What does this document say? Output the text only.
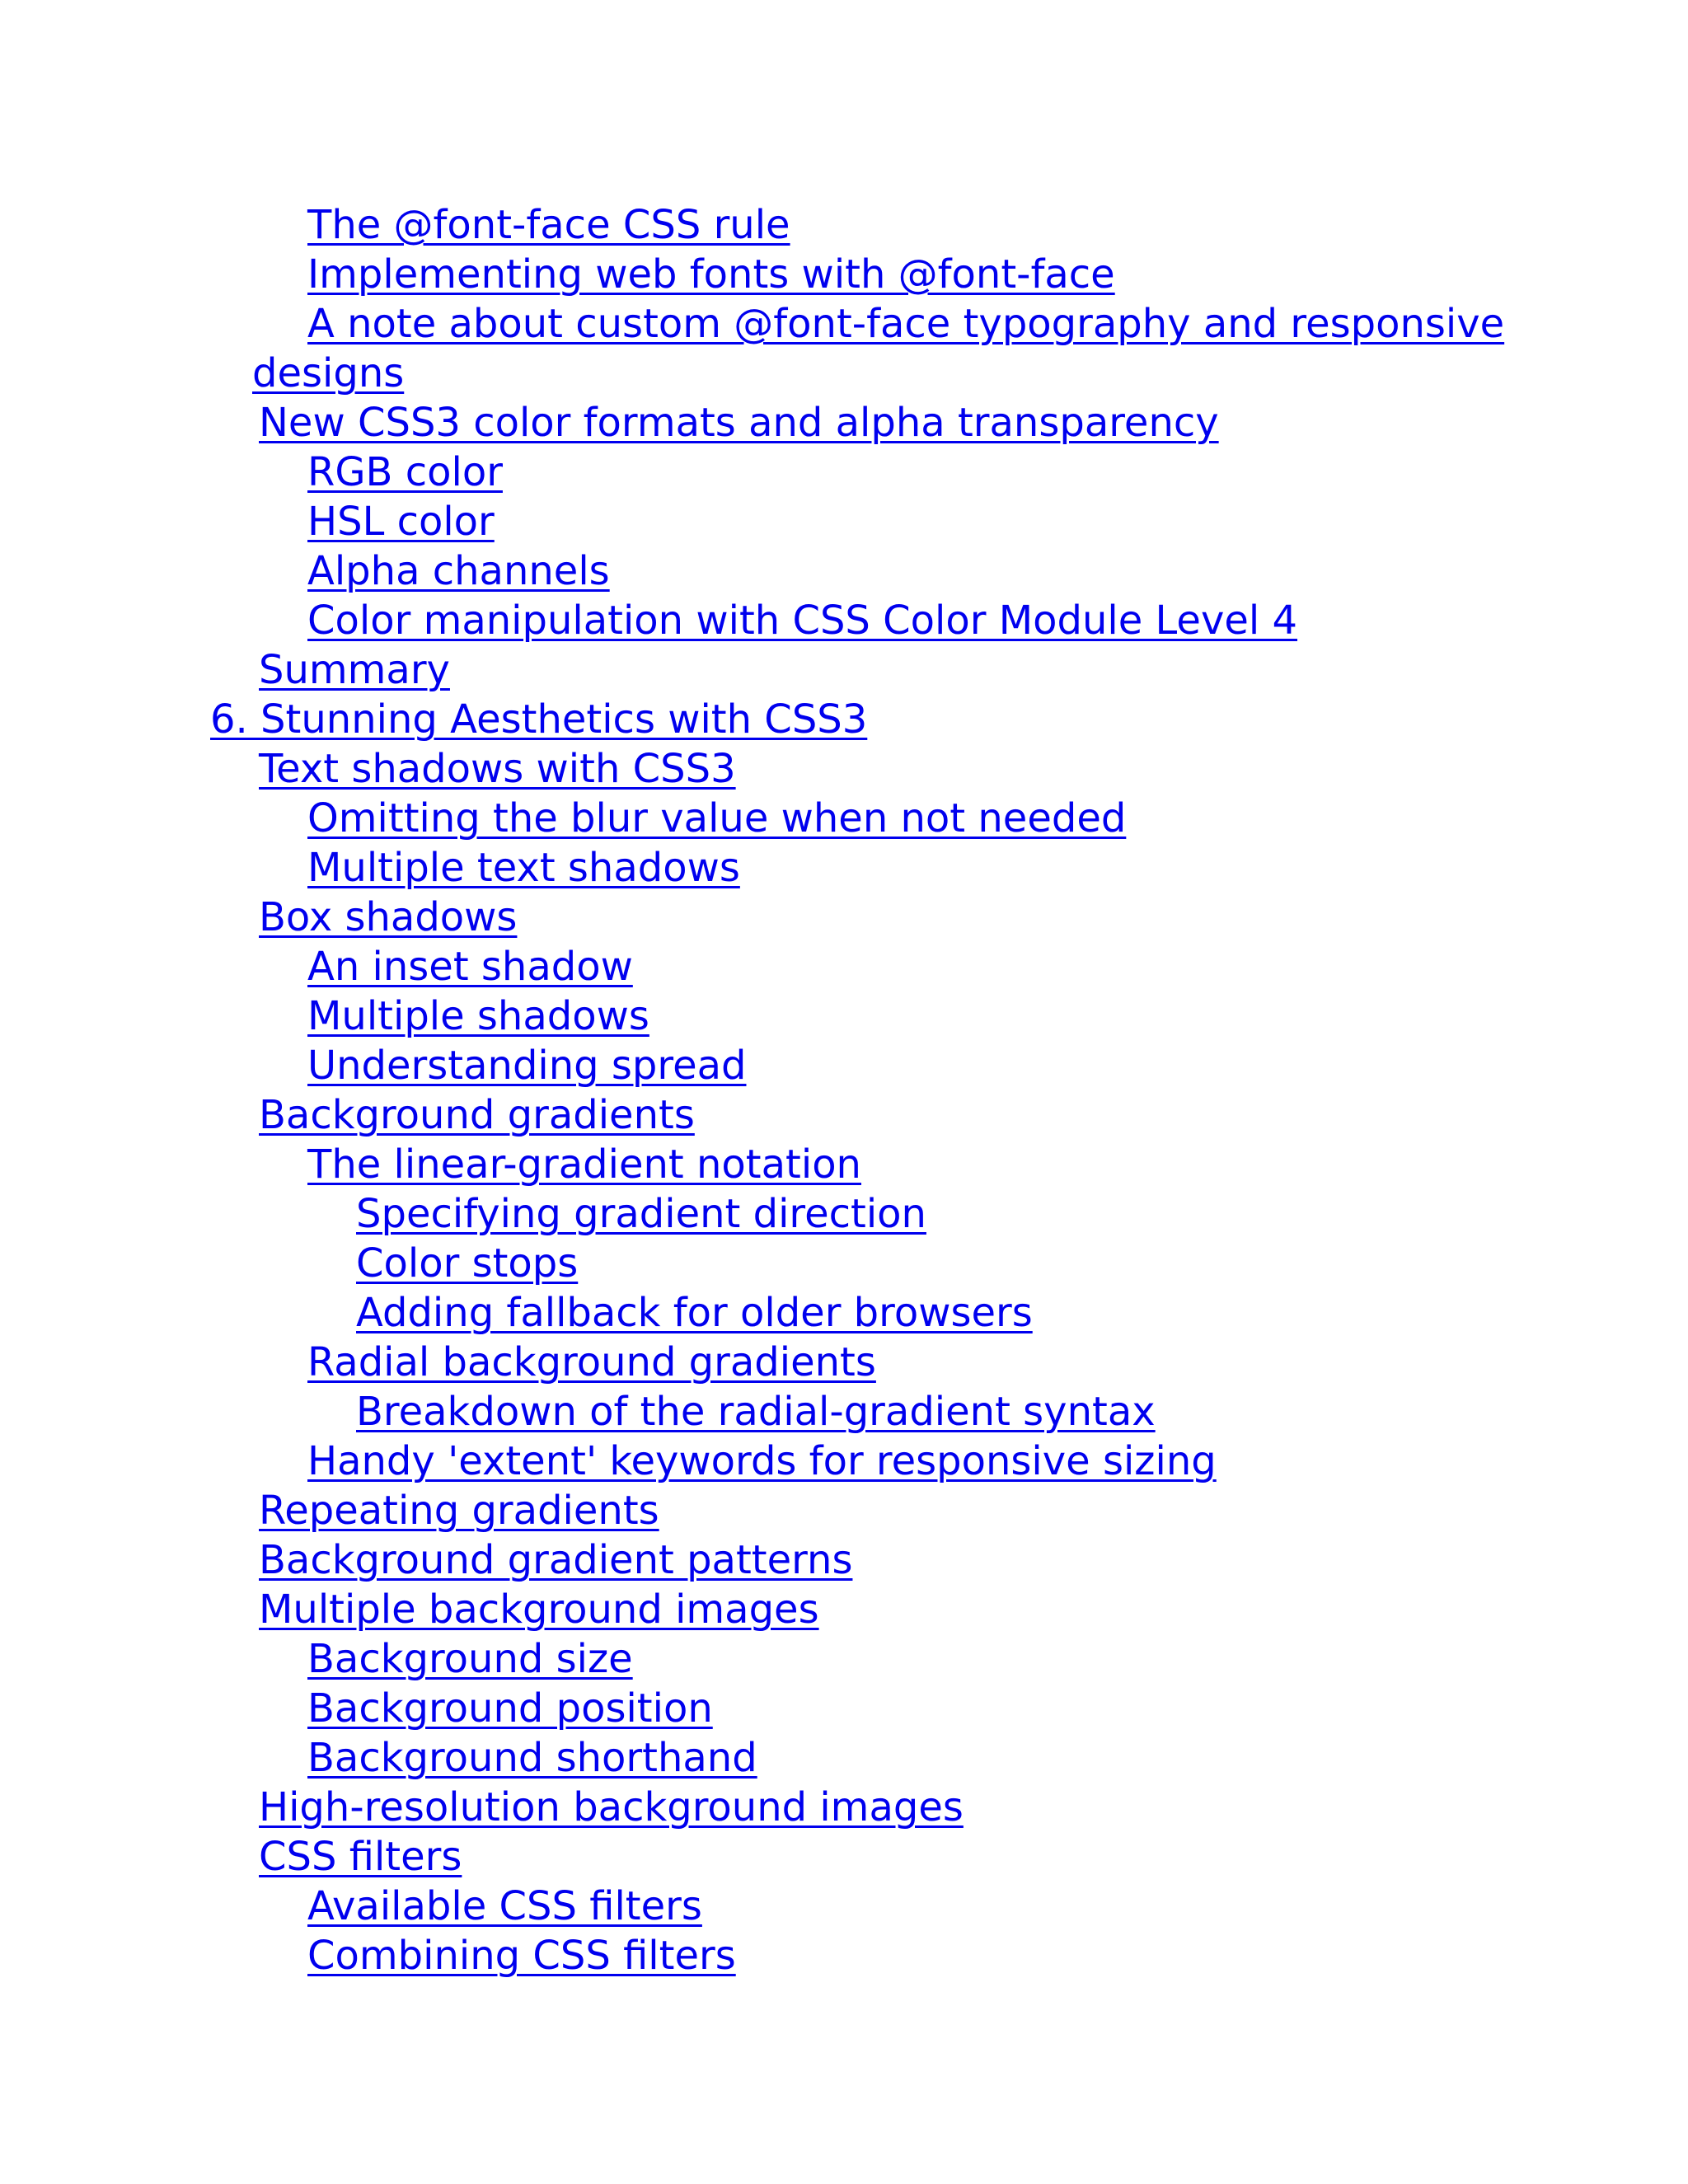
The @font-face CSS rule
Implementing web fonts with @font-face
A note about custom @font-face typography and responsive
designs
New CSS3 color formats and alpha transparency
RGB color
HSL color
Alpha channels
Color manipulation with CSS Color Module Level 4
Summary
6. Stunning Aesthetics with CSS3
Text shadows with CSS3
Omitting the blur value when not needed
Multiple text shadows
Box shadows
An inset shadow
Multiple shadows
Understanding spread
Background gradients
The linear-gradient notation
Specifying gradient direction
Color stops
Adding fallback for older browsers
Radial background gradients
Breakdown of the radial-gradient syntax
Handy 'extent' keywords for responsive sizing
Repeating gradients
Background gradient patterns
Multiple background images
Background size
Background position
Background shorthand
High-resolution background images
CSS filters
Available CSS filters
Combining CSS filters
